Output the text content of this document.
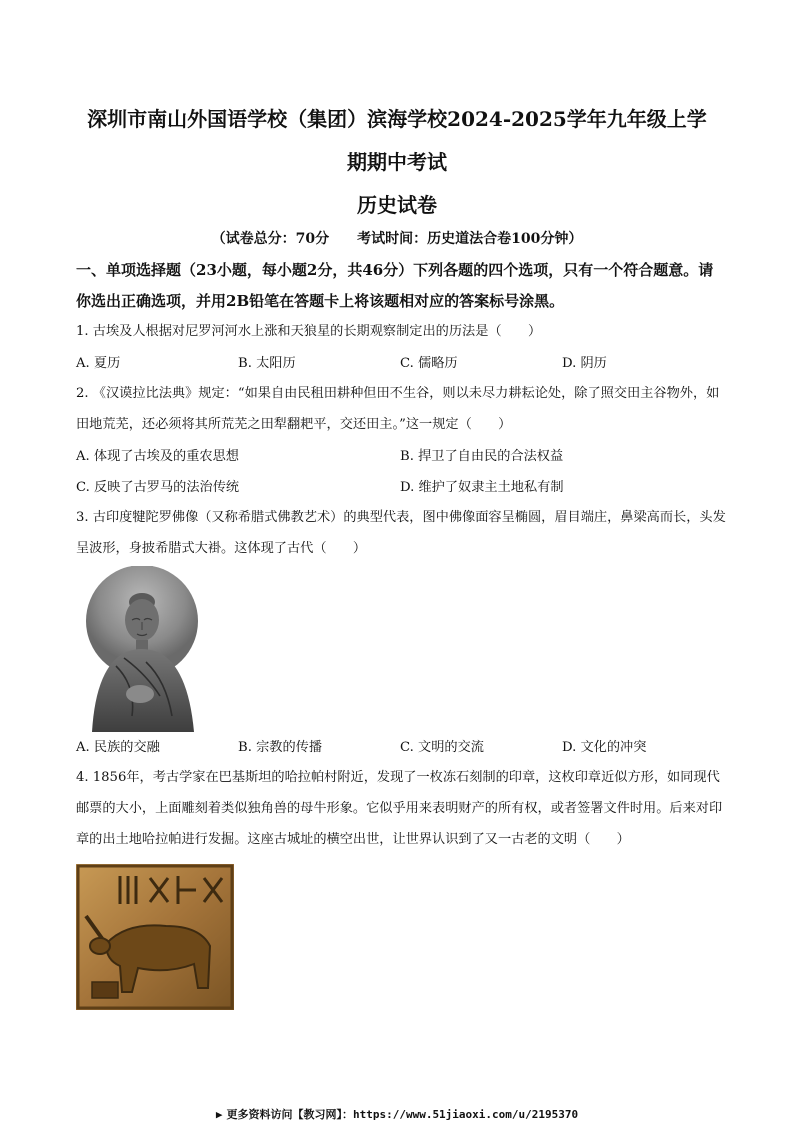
深圳市南山外国语学校（集团）滨海学校2024-2025学年九年级上学
期期中考试
历史试卷
（试卷总分：70分　　考试时间：历史道法合卷100分钟）
一、单项选择题（23小题，每小题2分，共46分）下列各题的四个选项，只有一个符合题意。请你选出正确选项，并用2B铅笔在答题卡上将该题相对应的答案标号涂黑。
1. 古埃及人根据对尼罗河河水上涨和天狼星的长期观察制定出的历法是（　　）
A. 夏历	B. 太阳历	C. 儒略历	D. 阴历
2. 《汉谟拉比法典》规定：“如果自由民租田耕种但田不生谷，则以未尽力耕耘论处，除了照交田主谷物外，如田地荒芜，还必须将其所荒芜之田犁翻耙平，交还田主。”这一规定（　　）
A. 体现了古埃及的重农思想	B. 捍卫了自由民的合法权益
C. 反映了古罗马的法治传统	D. 维护了奴隶主土地私有制
3. 古印度犍陀罗佛像（又称希腊式佛教艺术）的典型代表，图中佛像面容呈椭圆，眉目端庄，鼻梁高而长，头发呈波形，身披希腊式大褂。这体现了古代（　　）
A. 民族的交融	B. 宗教的传播	C. 文明的交流	D. 文化的冲突
4. 1856年，考古学家在巴基斯坦的哈拉帕村附近，发现了一枚冻石刻制的印章，这枚印章近似方形，如同现代邮票的大小，上面雕刻着类似独角兽的母牛形象。它似乎用来表明财产的所有权，或者签署文件时用。后来对印章的出土地哈拉帕进行发掘。这座古城址的横空出世，让世界认识到了又一古老的文明（　　）
▶ 更多资料访问【教习网】：https://www.51jiaoxi.com/u/2195370
